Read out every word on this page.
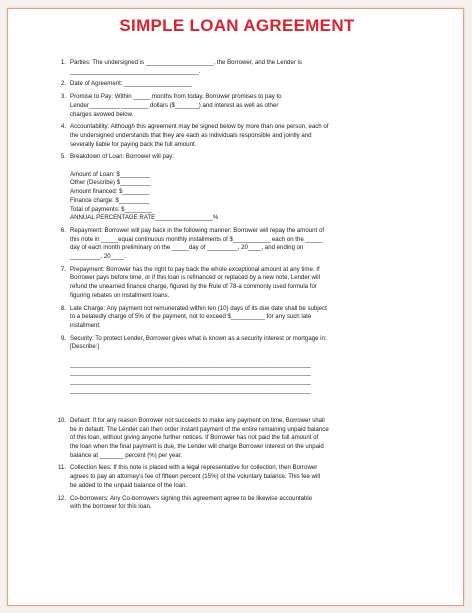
SIMPLE LOAN AGREEMENT
1. Parties: The undersigned is ____________________, the Borrower, and the Lender is
______________________________________.
2. Date of Agreement: ____________________
3. Promise to Pay: Within _____ months from today, Borrower promises to pay to
Lender_________ ________ dollars ($_______) and interest as well as other
charges avowed below.
4. Accountability: Although this agreement may be signed below by more than one person, each of
the undersigned understands that they are each as individuals responsible and jointly and
severally liable for paying back the full amount.
5. Breakdown of Loan: Borrower will pay:
Amount of Loan: $_________
Other (Describe) $_________
Amount financed: $________
Finance charge: $_________
Total of payments: $________
ANNUAL PERCENTAGE RATE_________________%
6. Repayment: Borrower will pay back in the following manner: Borrower will repay the amount of
this note in _____equal continuous monthly installments of $___________ each on the _____
day of each month preliminary on the _____day of _________, 20____, and ending on
_________, 20____.
7. Prepayment: Borrower has the right to pay back the whole exceptional amount at any time. If
Borrower pays before time, or if this loan is refinanced or replaced by a new note, Lender will
refund the unearned finance charge, figured by the Rule of 78-a commonly used formula for
figuring rebates on installment loans.
8. Late Charge: Any payment not remunerated within ten (10) days of its due date shall be subject
to a belatedly charge of 5% of the payment, not to exceed $__________ for any such late
installment.
9. Security: To protect Lender, Borrower gives what is known as a security interest or mortgage in:
[Describe:]
_______________________________________________________________________
_______________________________________________________________________
_______________________________________________________________________
_______________________________________________________________________
10. Default: If for any reason Borrower not succeeds to make any payment on time, Borrower shall
be in default. The Lender can then order instant payment of the entire remaining unpaid balance
of this loan, without giving anyone further notices. If Borrower has not paid the full amount of
the loan when the final payment is due, the Lender will charge Borrower interest on the unpaid
balance at _______ percent (%) per year.
11. Collection fees: If this note is placed with a legal representative for collection, then Borrower
agrees to pay an attorney's fee of fifteen percent (15%) of the voluntary balance. This fee will
be added to the unpaid balance of the loan.
12. Co-borrowers: Any Co-borrowers signing this agreement agree to be likewise accountable
with the borrower for this loan.
